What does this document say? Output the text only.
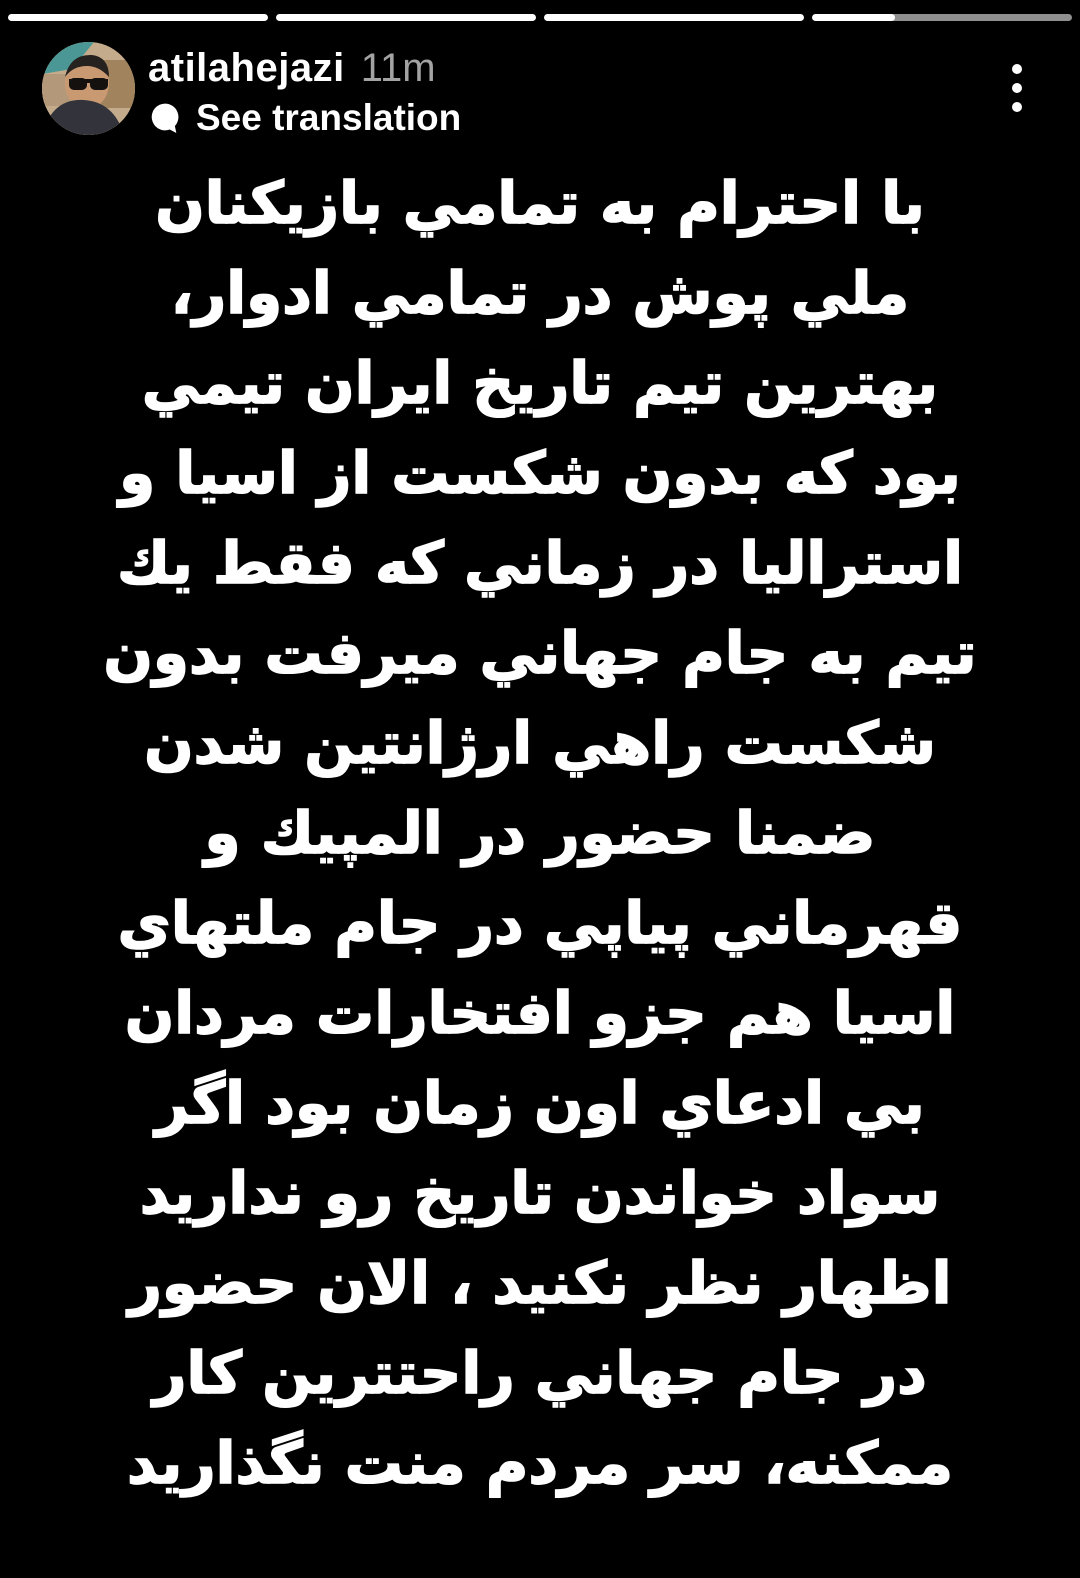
atilahejazi 11m
See translation
با احترام به تمامي بازيكنان
ملي پوش در تمامي ادوار،
بهترين تيم تاريخ ايران تيمي
بود كه بدون شكست از اسيا و
استراليا در زماني كه فقط يك
تيم به جام جهاني ميرفت بدون
شكست راهي ارژانتين شدن
ضمنا حضور در المپيك و
قهرماني پياپي در جام ملتهاي
اسيا هم جزو افتخارات مردان
بي ادعاي اون زمان بود اگر
سواد خواندن تاريخ رو نداريد
اظهار نظر نكنيد ، الان حضور
در جام جهاني راحتترين كار
ممكنه، سر مردم منت نگذاريد
